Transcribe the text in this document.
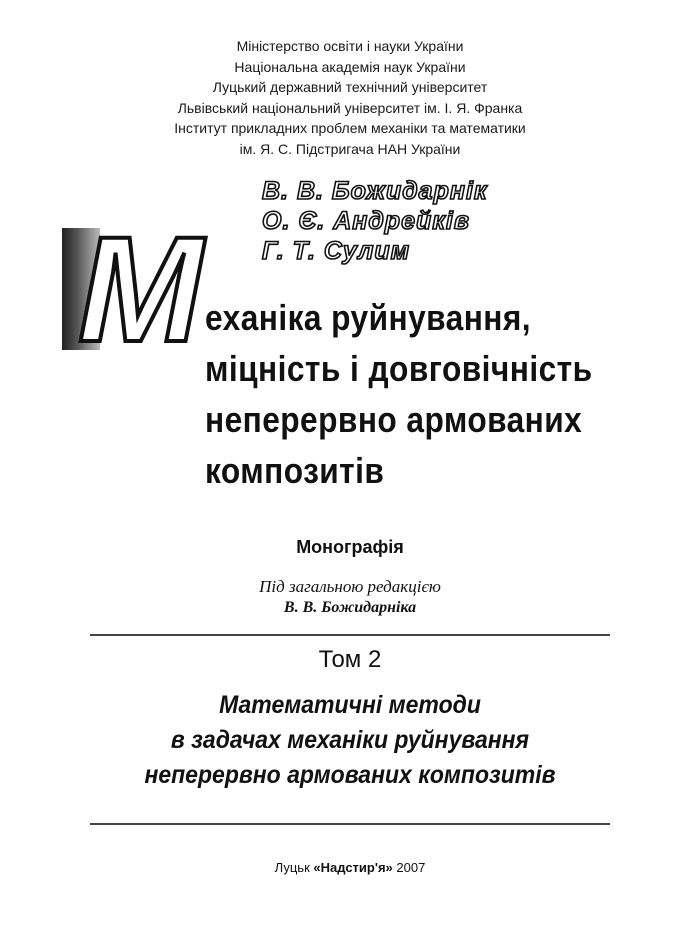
Міністерство освіти і науки України
Національна академія наук України
Луцький державний технічний університет
Львівський національний університет ім. І. Я. Франка
Інститут прикладних проблем механіки та математики
ім. Я. С. Підстригача НАН України
В. В. Божидарнік
О. Є. Андрейків
Г. Т. Сулим
М еханіка руйнування,
міцність і довговічність
неперервно армованих
композитів
Монографія
Під загальною редакцією
В. В. Божидарніка
Том 2
Математичні методи
в задачах механіки руйнування
неперервно армованих композитів
Луцьк «Надстир'я» 2007
